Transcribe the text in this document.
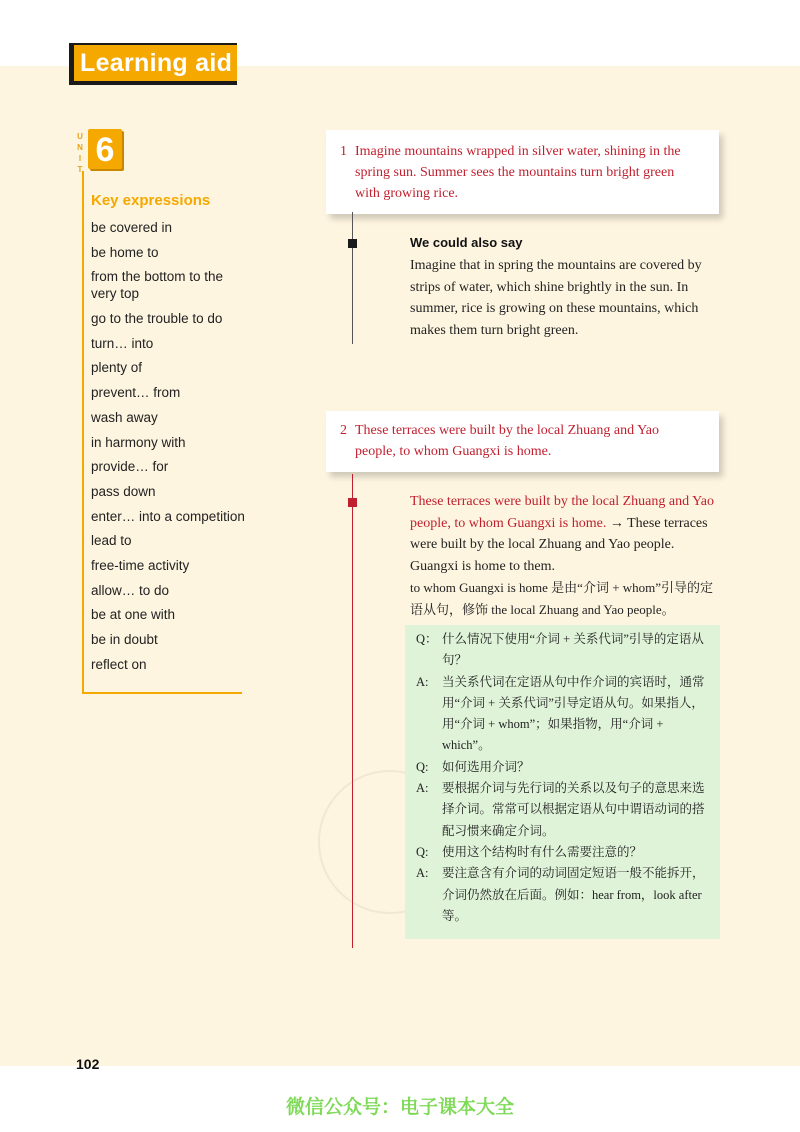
Learning aid
U
N
I
T
6
Key expressions
be covered in
be home to
from the bottom to the very top
go to the trouble to do
turn… into
plenty of
prevent… from
wash away
in harmony with
provide… for
pass down
enter… into a competition
lead to
free-time activity
allow… to do
be at one with
be in doubt
reflect on

1 Imagine mountains wrapped in silver water, shining in the spring sun. Summer sees the mountains turn bright green with growing rice.

We could also say

Imagine that in spring the mountains are covered by strips of water, which shine brightly in the sun. In summer, rice is growing on these mountains, which makes them turn bright green.

2 These terraces were built by the local Zhuang and Yao people, to whom Guangxi is home.

These terraces were built by the local Zhuang and Yao people, to whom Guangxi is home. → These terraces were built by the local Zhuang and Yao people. Guangxi is home to them.

to whom Guangxi is home 是由“介词 + whom”引导的定语从句，修饰 the local Zhuang and Yao people。

Q： 什么情况下使用“介词 + 关系代词”引导的定语从句？
A: 当关系代词在定语从句中作介词的宾语时，通常用“介词 + 关系代词”引导定语从句。如果指人，用“介词 + whom”；如果指物，用“介词 + which”。
Q: 如何选用介词？
A: 要根据介词与先行词的关系以及句子的意思来选择介词。常常可以根据定语从句中谓语动词的搭配习惯来确定介词。
Q: 使用这个结构时有什么需要注意的？
A: 要注意含有介词的动词固定短语一般不能拆开，介词仍然放在后面。例如：hear from，look after 等。
102
微信公众号：电子课本大全
